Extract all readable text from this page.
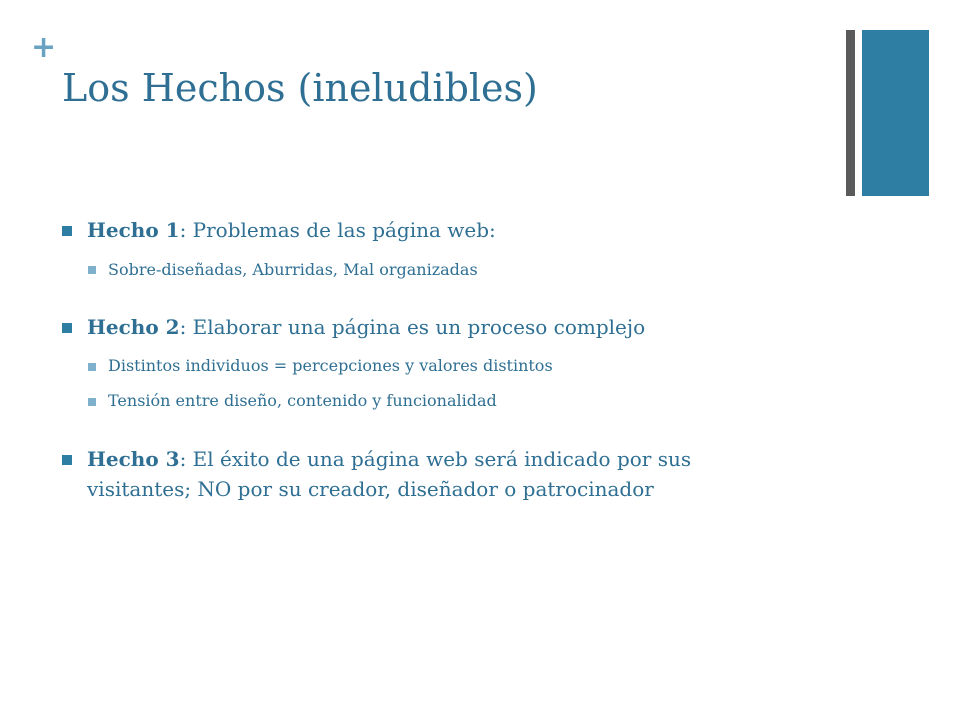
+
Los Hechos (ineludibles)
Hecho 1: Problemas de las página web:
Sobre-diseñadas, Aburridas, Mal organizadas
Hecho 2: Elaborar una página es un proceso complejo
Distintos individuos = percepciones y valores distintos
Tensión entre diseño, contenido y funcionalidad
Hecho 3: El éxito de una página web será indicado por sus
visitantes; NO por su creador, diseñador o patrocinador
